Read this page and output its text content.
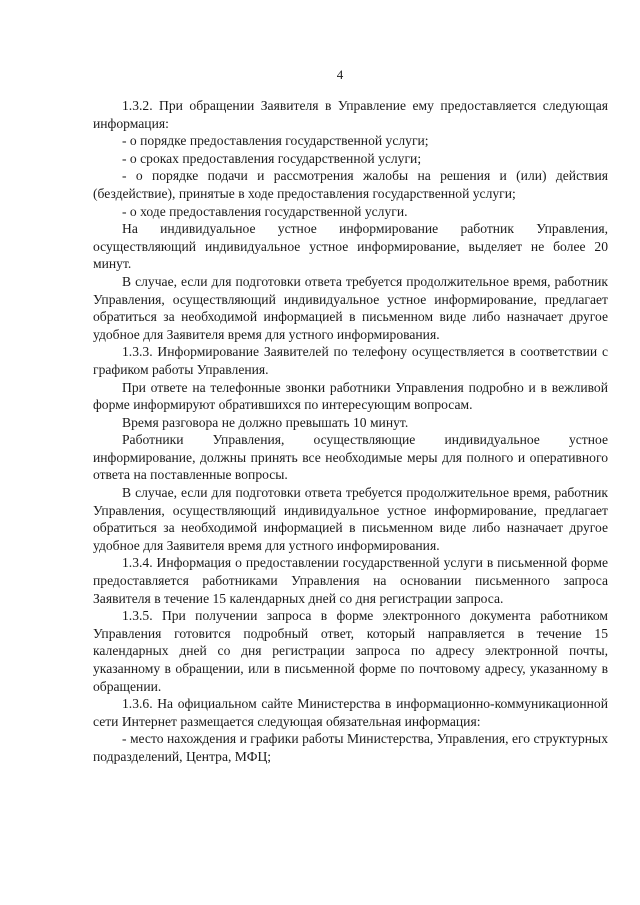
4

1.3.2. При обращении Заявителя в Управление ему предоставляется следующая информация:

- о порядке предоставления государственной услуги;

- о сроках предоставления государственной услуги;

- о порядке подачи и рассмотрения жалобы на решения и (или) действия (бездействие), принятые в ходе предоставления государственной услуги;

- о ходе предоставления государственной услуги.

На индивидуальное устное информирование работник Управления, осуществляющий индивидуальное устное информирование, выделяет не более 20 минут.

В случае, если для подготовки ответа требуется продолжительное время, работник Управления, осуществляющий индивидуальное устное информирование, предлагает обратиться за необходимой информацией в письменном виде либо назначает другое удобное для Заявителя время для устного информирования.

1.3.3. Информирование Заявителей по телефону осуществляется в соответствии с графиком работы Управления.

При ответе на телефонные звонки работники Управления подробно и в вежливой форме информируют обратившихся по интересующим вопросам.

Время разговора не должно превышать 10 минут.

Работники Управления, осуществляющие индивидуальное устное информирование, должны принять все необходимые меры для полного и оперативного ответа на поставленные вопросы.

В случае, если для подготовки ответа требуется продолжительное время, работник Управления, осуществляющий индивидуальное устное информирование, предлагает обратиться за необходимой информацией в письменном виде либо назначает другое удобное для Заявителя время для устного информирования.

1.3.4. Информация о предоставлении государственной услуги в письменной форме предоставляется работниками Управления на основании письменного запроса Заявителя в течение 15 календарных дней со дня регистрации запроса.

1.3.5. При получении запроса в форме электронного документа работником Управления готовится подробный ответ, который направляется в течение 15 календарных дней со дня регистрации запроса по адресу электронной почты, указанному в обращении, или в письменной форме по почтовому адресу, указанному в обращении.

1.3.6. На официальном сайте Министерства в информационно-коммуникационной сети Интернет размещается следующая обязательная информация:

- место нахождения и графики работы Министерства, Управления, его структурных подразделений, Центра, МФЦ;
